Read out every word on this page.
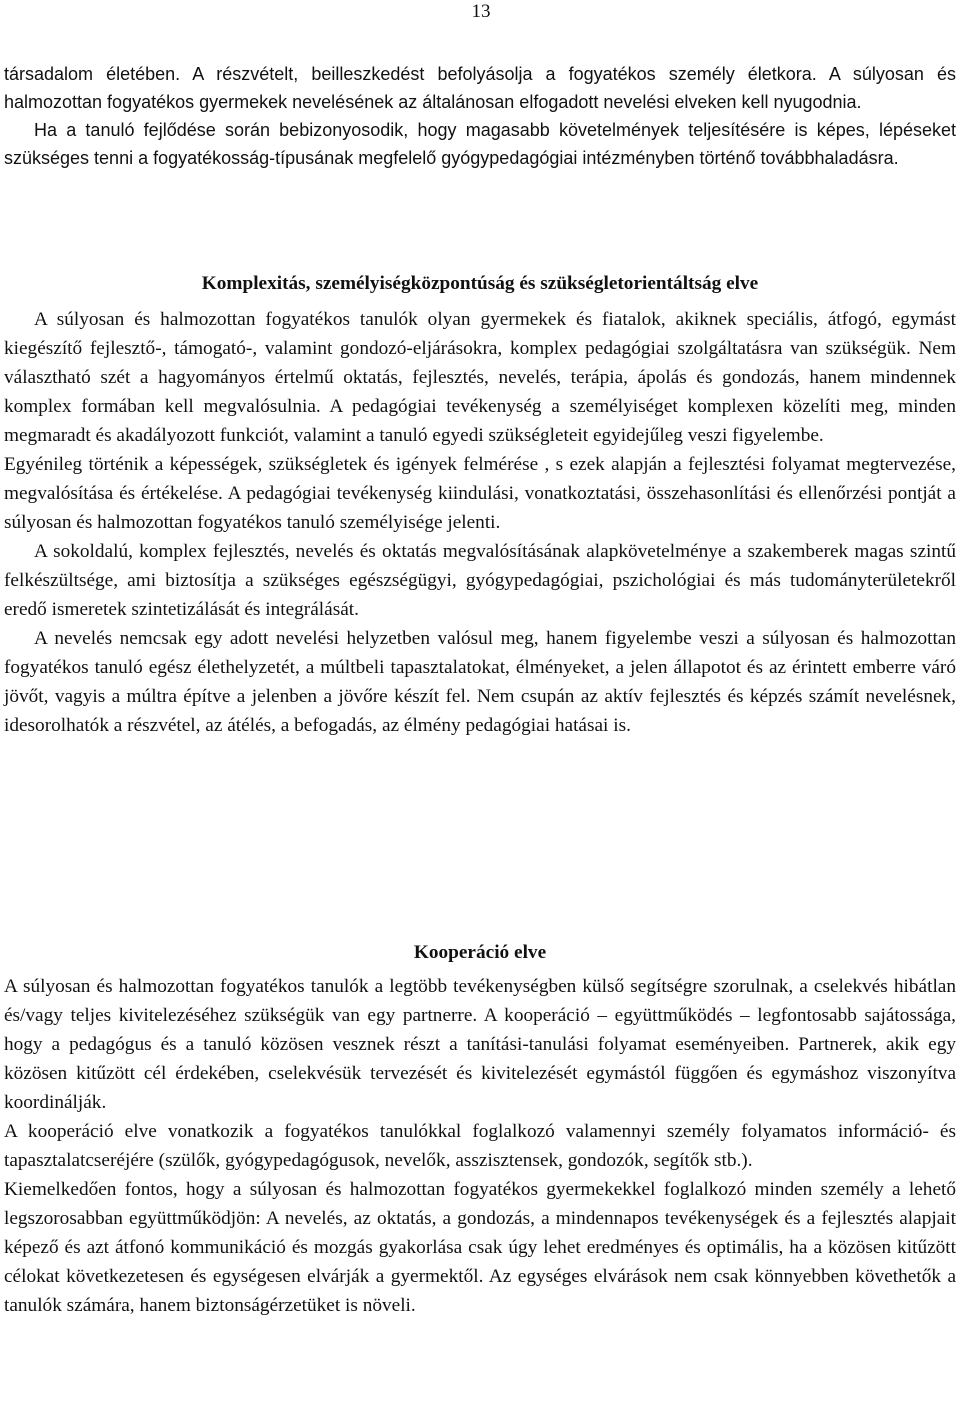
13

társadalom életében. A részvételt, beilleszkedést befolyásolja a fogyatékos személy életkora. A súlyosan és halmozottan fogyatékos gyermekek nevelésének az általánosan elfogadott nevelési elveken kell nyugodnia.

Ha a tanuló fejlődése során bebizonyosodik, hogy magasabb követelmények teljesítésére is képes, lépéseket szükséges tenni a fogyatékosság-típusának megfelelő gyógypedagógiai intézményben történő továbbhaladásra.

Komplexitás, személyiségközpontúság és szükségletorientáltság elve

A súlyosan és halmozottan fogyatékos tanulók olyan gyermekek és fiatalok, akiknek speciális, átfogó, egymást kiegészítő fejlesztő-, támogató-, valamint gondozó-eljárásokra, komplex pedagógiai szolgáltatásra van szükségük. Nem választható szét a hagyományos értelmű oktatás, fejlesztés, nevelés, terápia, ápolás és gondozás, hanem mindennek komplex formában kell megvalósulnia. A pedagógiai tevékenység a személyiséget komplexen közelíti meg, minden megmaradt és akadályozott funkciót, valamint a tanuló egyedi szükségleteit egyidejűleg veszi figyelembe.

Egyénileg történik a képességek, szükségletek és igények felmérése , s ezek alapján a fejlesztési folyamat megtervezése, megvalósítása és értékelése. A pedagógiai tevékenység kiindulási, vonatkoztatási, összehasonlítási és ellenőrzési pontját a súlyosan és halmozottan fogyatékos tanuló személyisége jelenti.

A sokoldalú, komplex fejlesztés, nevelés és oktatás megvalósításának alapkövetelménye a szakemberek magas szintű felkészültsége, ami biztosítja a szükséges egészségügyi, gyógypedagógiai, pszichológiai és más tudományterületekről eredő ismeretek szintetizálását és integrálását.

A nevelés nemcsak egy adott nevelési helyzetben valósul meg, hanem figyelembe veszi a súlyosan és halmozottan fogyatékos tanuló egész élethelyzetét, a múltbeli tapasztalatokat, élményeket, a jelen állapotot és az érintett emberre váró jövőt, vagyis a múltra építve a jelenben a jövőre készít fel. Nem csupán az aktív fejlesztés és képzés számít nevelésnek, idesorolhatók a részvétel, az átélés, a befogadás, az élmény pedagógiai hatásai is.

Kooperáció elve

A súlyosan és halmozottan fogyatékos tanulók a legtöbb tevékenységben külső segítségre szorulnak, a cselekvés hibátlan és/vagy teljes kivitelezéséhez szükségük van egy partnerre. A kooperáció – együttműködés – legfontosabb sajátossága, hogy a pedagógus és a tanuló közösen vesznek részt a tanítási-tanulási folyamat eseményeiben. Partnerek, akik egy közösen kitűzött cél érdekében, cselekvésük tervezését és kivitelezését egymástól függően és egymáshoz viszonyítva koordinálják.

A kooperáció elve vonatkozik a fogyatékos tanulókkal foglalkozó valamennyi személy folyamatos információ- és tapasztalatcseréjére (szülők, gyógypedagógusok, nevelők, asszisztensek, gondozók, segítők stb.).

Kiemelkedően fontos, hogy a súlyosan és halmozottan fogyatékos gyermekekkel foglalkozó minden személy a lehető legszorosabban együttműködjön: A nevelés, az oktatás, a gondozás, a mindennapos tevékenységek és a fejlesztés alapjait képező és azt átfonó kommunikáció és mozgás gyakorlása csak úgy lehet eredményes és optimális, ha a közösen kitűzött célokat következetesen és egységesen elvárják a gyermektől. Az egységes elvárások nem csak könnyebben követhetők a tanulók számára, hanem biztonságérzetüket is növeli.
